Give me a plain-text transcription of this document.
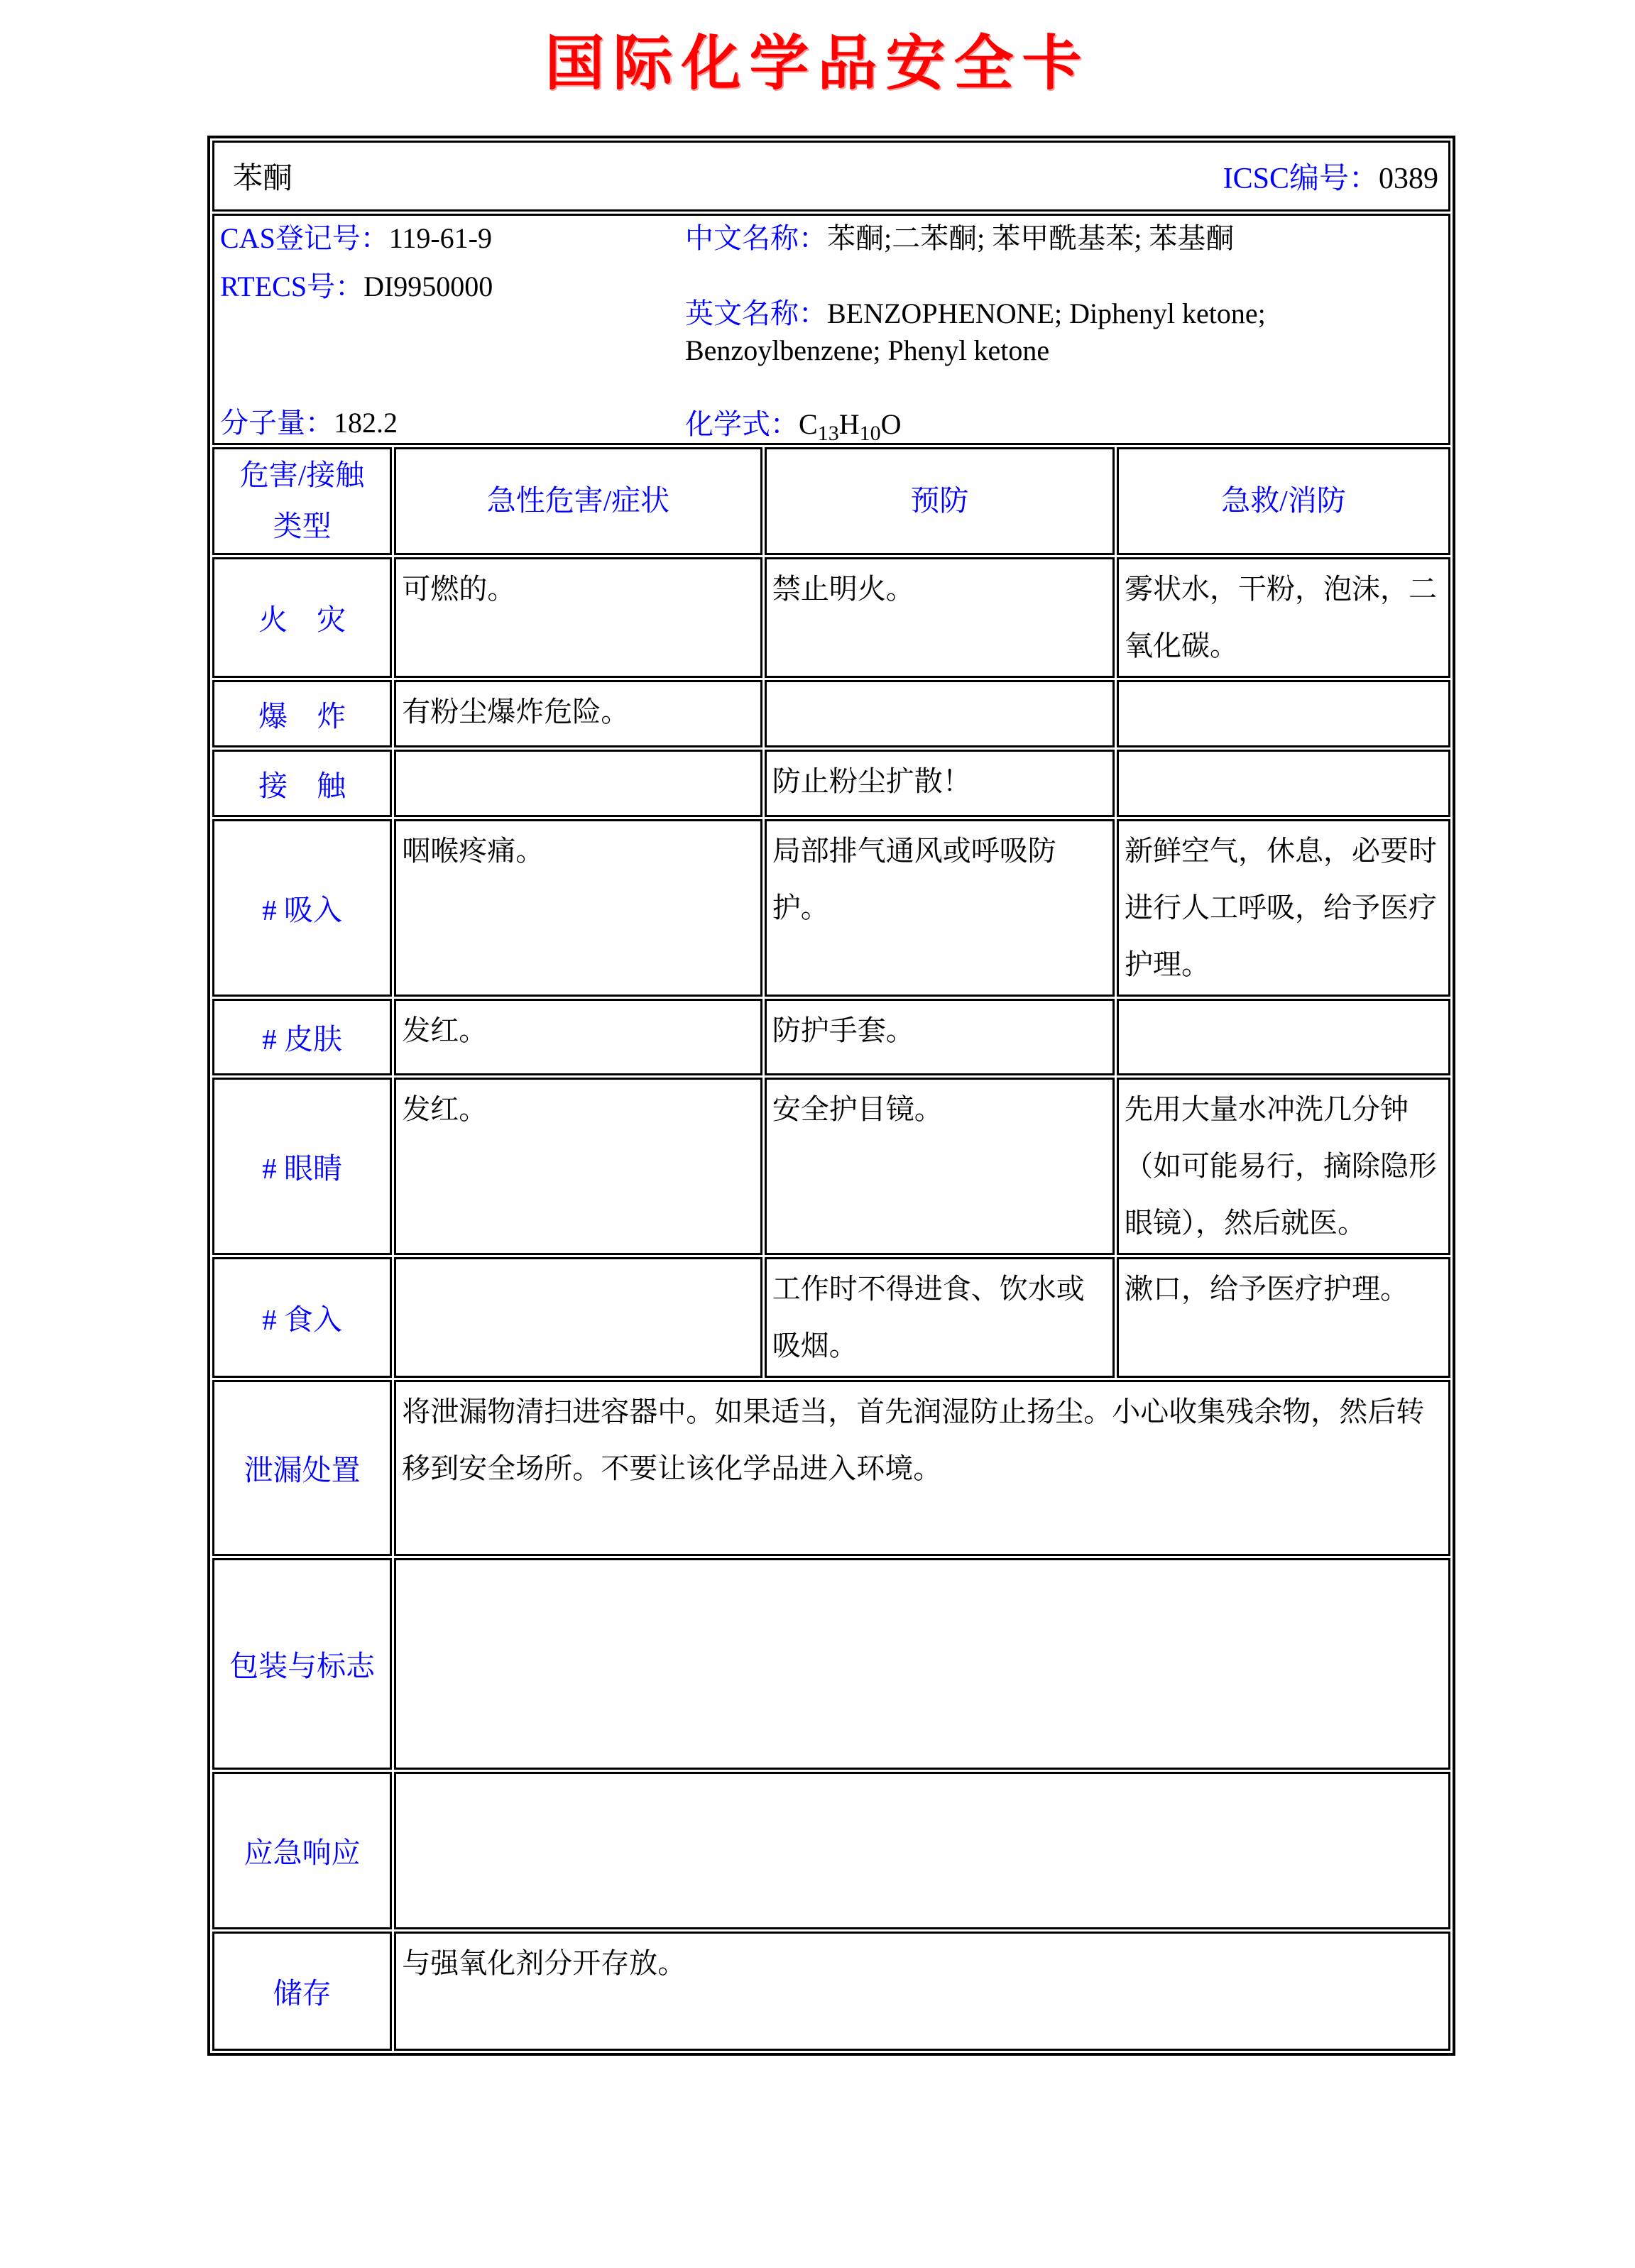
国际化学品安全卡
苯酮 ICSC编号：0389			

CAS登记号：119-61-9
RTECS号：DI9950000
分子量：182.2
中文名称：苯酮;二苯酮; 苯甲酰基苯; 苯基酮
英文名称：BENZOPHENONE; Diphenyl ketone; Benzoylbenzene; Phenyl ketone
化学式：$C_{13}H_{10}O$

危害/接触类型	急性危害/症状	预防	急救/消防
火　灾	可燃的。	禁止明火。	雾状水，干粉，泡沫，二氧化碳。
爆　炸	有粉尘爆炸危险。		
接　触		防止粉尘扩散！	
# 吸入	咽喉疼痛。	局部排气通风或呼吸防护。	新鲜空气，休息，必要时进行人工呼吸，给予医疗护理。
# 皮肤	发红。	防护手套。	
# 眼睛	发红。	安全护目镜。	先用大量水冲洗几分钟（如可能易行，摘除隐形眼镜），然后就医。
# 食入		工作时不得进食、饮水或吸烟。	漱口，给予医疗护理。
泄漏处置	将泄漏物清扫进容器中。如果适当，首先润湿防止扬尘。小心收集残余物，然后转移到安全场所。不要让该化学品进入环境。		
包装与标志			
应急响应			
储存	与强氧化剂分开存放。		
